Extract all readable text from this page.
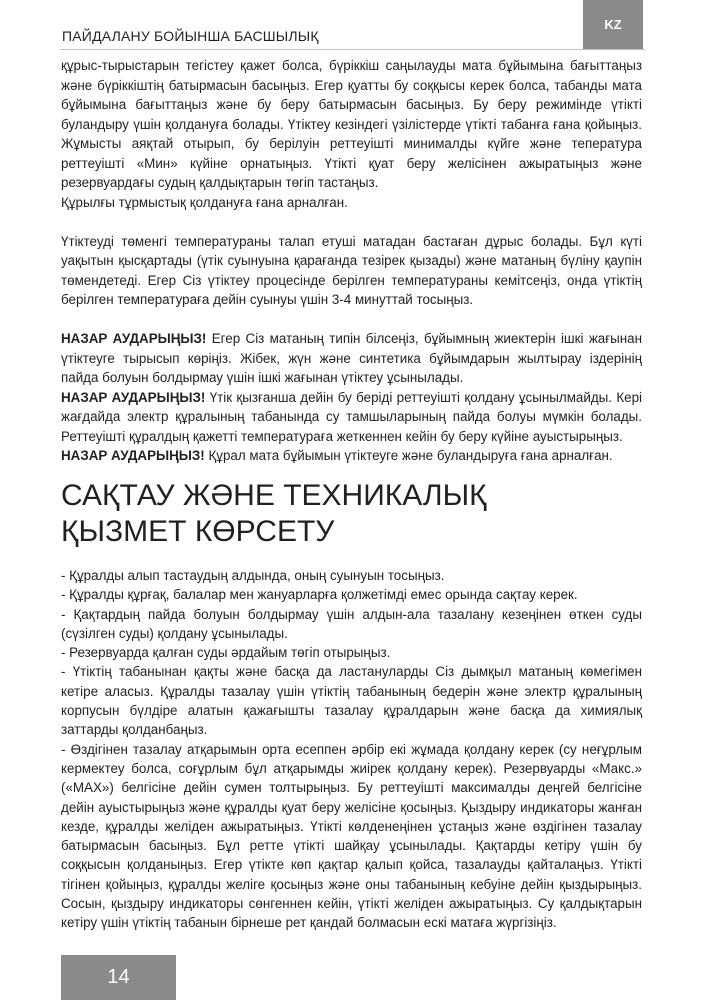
ПАЙДАЛАНУ БОЙЫНША БАСШЫЛЫҚ
KZ

құрыс-тырыстарын тегістеу қажет болса, бүріккіш саңылауды мата бұйымына бағыттаңыз және бүріккіштің батырмасын басыңыз. Егер қуатты бу соққысы керек болса, табанды мата бұйымына бағыттаңыз және бу беру батырмасын басыңыз. Бу беру режимінде үтікті буландыру үшін қолдануға болады. Үтіктеу кезіндегі үзілістерде үтікті табанға ғана қойыңыз. Жұмысты аяқтай отырып, бу берілуін реттеуішті минималды күйге және тепература реттеуішті «Мин» күйіне орнатыңыз. Үтікті қуат беру желісінен ажыратыңыз және резервуардағы судың қалдықтарын төгіп тастаңыз.

Құрылғы тұрмыстық қолдануға ғана арналған.

Үтіктеуді төменгі температураны талап етуші матадан бастаған дұрыс болады. Бұл күті уақытын қысқартады (үтік суынуына қарағанда тезірек қызады) және матаның бүліну қаупін төмендетеді. Егер Сіз үтіктеу процесінде берілген температураны кемітсеңіз, онда үтіктің берілген температураға дейін суынуы үшін 3-4 минуттай тосыңыз.

НАЗАР АУДАРЫҢЫЗ! Егер Сіз матаның типін білсеңіз, бұйымның жиектерін ішкі жағынан үтіктеуге тырысып көріңіз. Жібек, жүн және синтетика бұйымдарын жылтырау іздерінің пайда болуын болдырмау үшін ішкі жағынан үтіктеу ұсынылады.

НАЗАР АУДАРЫҢЫЗ! Үтік қызғанша дейін бу беріді реттеуішті қолдану ұсынылмайды. Кері жағдайда электр құралының табанында су тамшыларының пайда болуы мүмкін болады. Реттеуішті құралдың қажетті температураға жеткеннен кейін бу беру күйіне ауыстырыңыз.

НАЗАР АУДАРЫҢЫЗ! Құрал мата бұйымын үтіктеуге және буландыруға ғана арналған.

САҚТАУ ЖӘНЕ ТЕХНИКАЛЫҚ
ҚЫЗМЕТ КӨРСЕТУ

- Құралды алып тастаудың алдында, оның суынуын тосыңыз.

- Құралды құрғақ, балалар мен жануарларға қолжетімді емес орында сақтау керек.

- Қақтардың пайда болуын болдырмау үшін алдын-ала тазалану кезеңінен өткен суды (сүзілген суды) қолдану ұсынылады.

- Резервуарда қалған суды әрдайым төгіп отырыңыз.

- Үтіктің табанынан қақты және басқа да ластануларды Сіз дымқыл матаның көмегімен кетіре аласыз. Құралды тазалау үшін үтіктің табанының бедерін және электр құралының корпусын бүлдіре алатын қажағышты тазалау құралдарын және басқа да химиялық заттарды қолданбаңыз.

- Өздігінен тазалау атқарымын орта есеппен әрбір екі жұмада қолдану керек (су неғұрлым кермектеу болса, соғұрлым бұл атқарымды жиірек қолдану керек). Резервуарды «Макс.» («MAX») белгісіне дейін сумен толтырыңыз. Бу реттеуішті максималды деңгей белгісіне дейін ауыстырыңыз және құралды қуат беру желісіне қосыңыз. Қыздыру индикаторы жанған кезде, құралды желіден ажыратыңыз. Үтікті көлденеңінен ұстаңыз және өздігінен тазалау батырмасын басыңыз. Бұл ретте үтікті шайқау ұсынылады. Қақтарды кетіру үшін бу соққысын қолданыңыз. Егер үтікте көп қақтар қалып қойса, тазалауды қайталаңыз. Үтікті тігінен қойыңыз, құралды желіге қосыңыз және оны табанының кебуіне дейін қыздырыңыз. Сосын, қыздыру индикаторы сөнгеннен кейін, үтікті желіден ажыратыңыз. Су қалдықтарын кетіру үшін үтіктің табанын бірнеше рет қандай болмасын ескі матаға жүргізіңіз.

14
